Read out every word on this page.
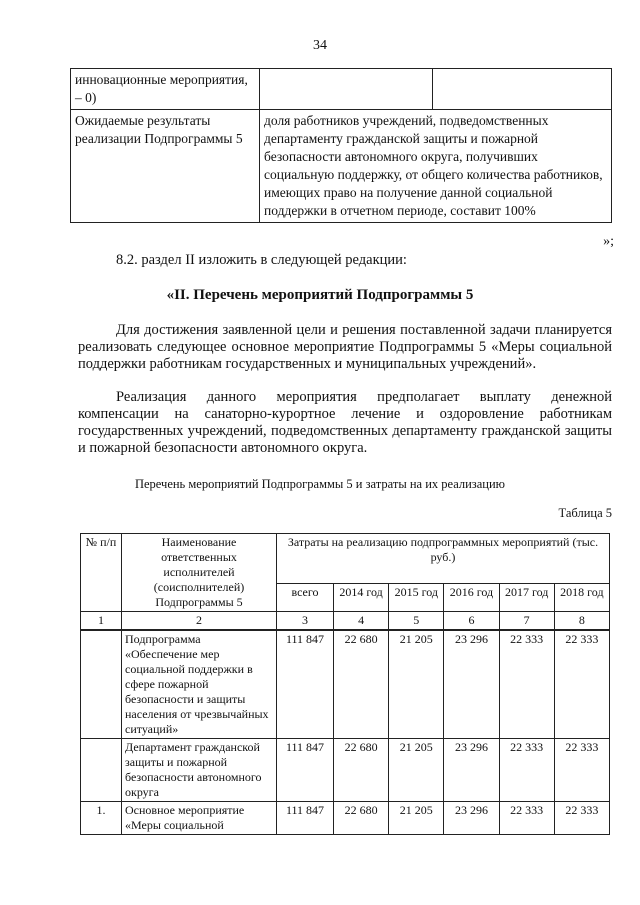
34
инновационные мероприятия, – 0)		
Ожидаемые результаты реализации Подпрограммы 5	доля работников учреждений, подведомственных департаменту гражданской защиты и пожарной безопасности автономного округа, получивших социальную поддержку, от общего количества работников, имеющих право на получение данной социальной поддержки в отчетном периоде, составит 100%	
»;
8.2. раздел II изложить в следующей редакции:
«II. Перечень мероприятий Подпрограммы 5
Для достижения заявленной цели и решения поставленной задачи планируется реализовать следующее основное мероприятие Подпрограммы 5 «Меры социальной поддержки работникам государственных и муниципальных учреждений».
Реализация данного мероприятия предполагает выплату денежной компенсации на санаторно-курортное лечение и оздоровление работникам государственных учреждений, подведомственных департаменту гражданской защиты и пожарной безопасности автономного округа.
Перечень мероприятий Подпрограммы 5 и затраты на их реализацию
Таблица 5
№ п/п	Наименование ответственных исполнителей (соисполнителей) Подпрограммы 5	Затраты на реализацию подпрограммных мероприятий (тыс. руб.)					
		всего	2014 год	2015 год	2016 год	2017 год	2018 год
1	2	3	4	5	6	7	8
	Подпрограмма «Обеспечение мер социальной поддержки в сфере пожарной безопасности и защиты населения от чрезвычайных ситуаций»	111 847	22 680	21 205	23 296	22 333	22 333
	Департамент гражданской защиты и пожарной безопасности автономного округа	111 847	22 680	21 205	23 296	22 333	22 333
1.	Основное мероприятие «Меры социальной	111 847	22 680	21 205	23 296	22 333	22 333
